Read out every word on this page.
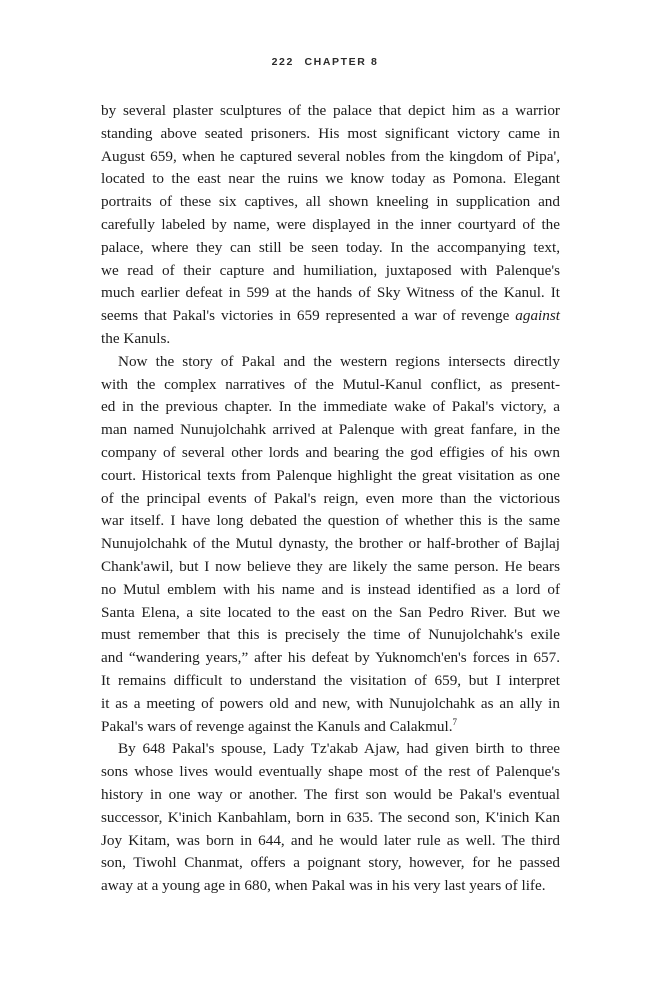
222 CHAPTER 8
by several plaster sculptures of the palace that depict him as a warrior
standing above seated prisoners. His most significant victory came in
August 659, when he captured several nobles from the kingdom of Pipa',
located to the east near the ruins we know today as Pomona. Elegant
portraits of these six captives, all shown kneeling in supplication and
carefully labeled by name, were displayed in the inner courtyard of the
palace, where they can still be seen today. In the accompanying text,
we read of their capture and humiliation, juxtaposed with Palenque's
much earlier defeat in 599 at the hands of Sky Witness of the Kanul. It
seems that Pakal's victories in 659 represented a war of revenge against
the Kanuls.
Now the story of Pakal and the western regions intersects directly
with the complex narratives of the Mutul-Kanul conflict, as present-
ed in the previous chapter. In the immediate wake of Pakal's victory, a
man named Nunujolchahk arrived at Palenque with great fanfare, in the
company of several other lords and bearing the god effigies of his own
court. Historical texts from Palenque highlight the great visitation as one
of the principal events of Pakal's reign, even more than the victorious
war itself. I have long debated the question of whether this is the same
Nunujolchahk of the Mutul dynasty, the brother or half-brother of Bajlaj
Chank'awil, but I now believe they are likely the same person. He bears
no Mutul emblem with his name and is instead identified as a lord of
Santa Elena, a site located to the east on the San Pedro River. But we
must remember that this is precisely the time of Nunujolchahk's exile
and “wandering years,” after his defeat by Yuknomch'en's forces in 657.
It remains difficult to understand the visitation of 659, but I interpret
it as a meeting of powers old and new, with Nunujolchahk as an ally in
Pakal's wars of revenge against the Kanuls and Calakmul.$^7$
By 648 Pakal's spouse, Lady Tz'akab Ajaw, had given birth to three
sons whose lives would eventually shape most of the rest of Palenque's
history in one way or another. The first son would be Pakal's eventual
successor, K'inich Kanbahlam, born in 635. The second son, K'inich Kan
Joy Kitam, was born in 644, and he would later rule as well. The third
son, Tiwohl Chanmat, offers a poignant story, however, for he passed
away at a young age in 680, when Pakal was in his very last years of life.
